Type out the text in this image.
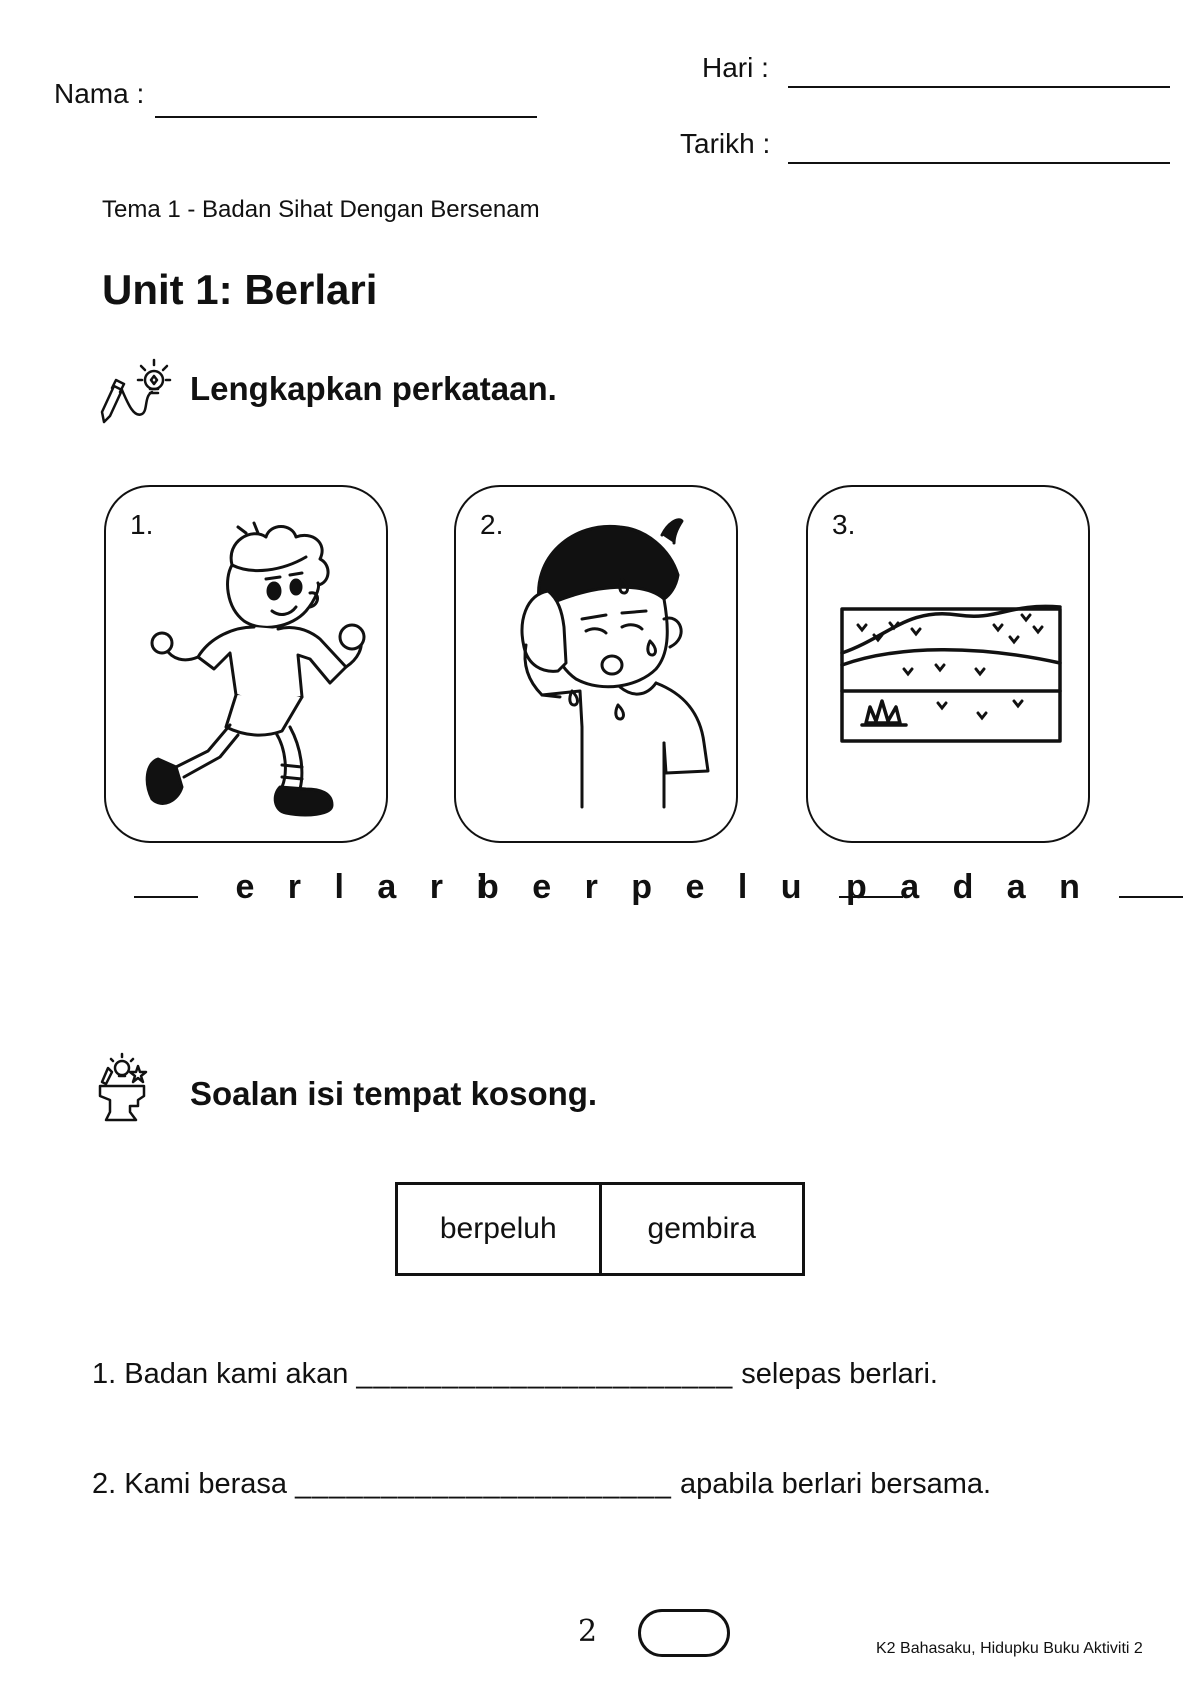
Nama :
Hari :
Tarikh :
Tema 1 - Badan Sihat Dengan Bersenam
Unit 1: Berlari
Lengkapkan perkataan.
1.
e r l a r i
2.
b e r p e l u
3.
p a d a n
Soalan isi tempat kosong.
berpeluh	gembira
1. Badan kami akan ______________________ selepas berlari.
2. Kami berasa ______________________ apabila berlari bersama.
2	K2 Bahasaku, Hidupku Buku Aktiviti 2
